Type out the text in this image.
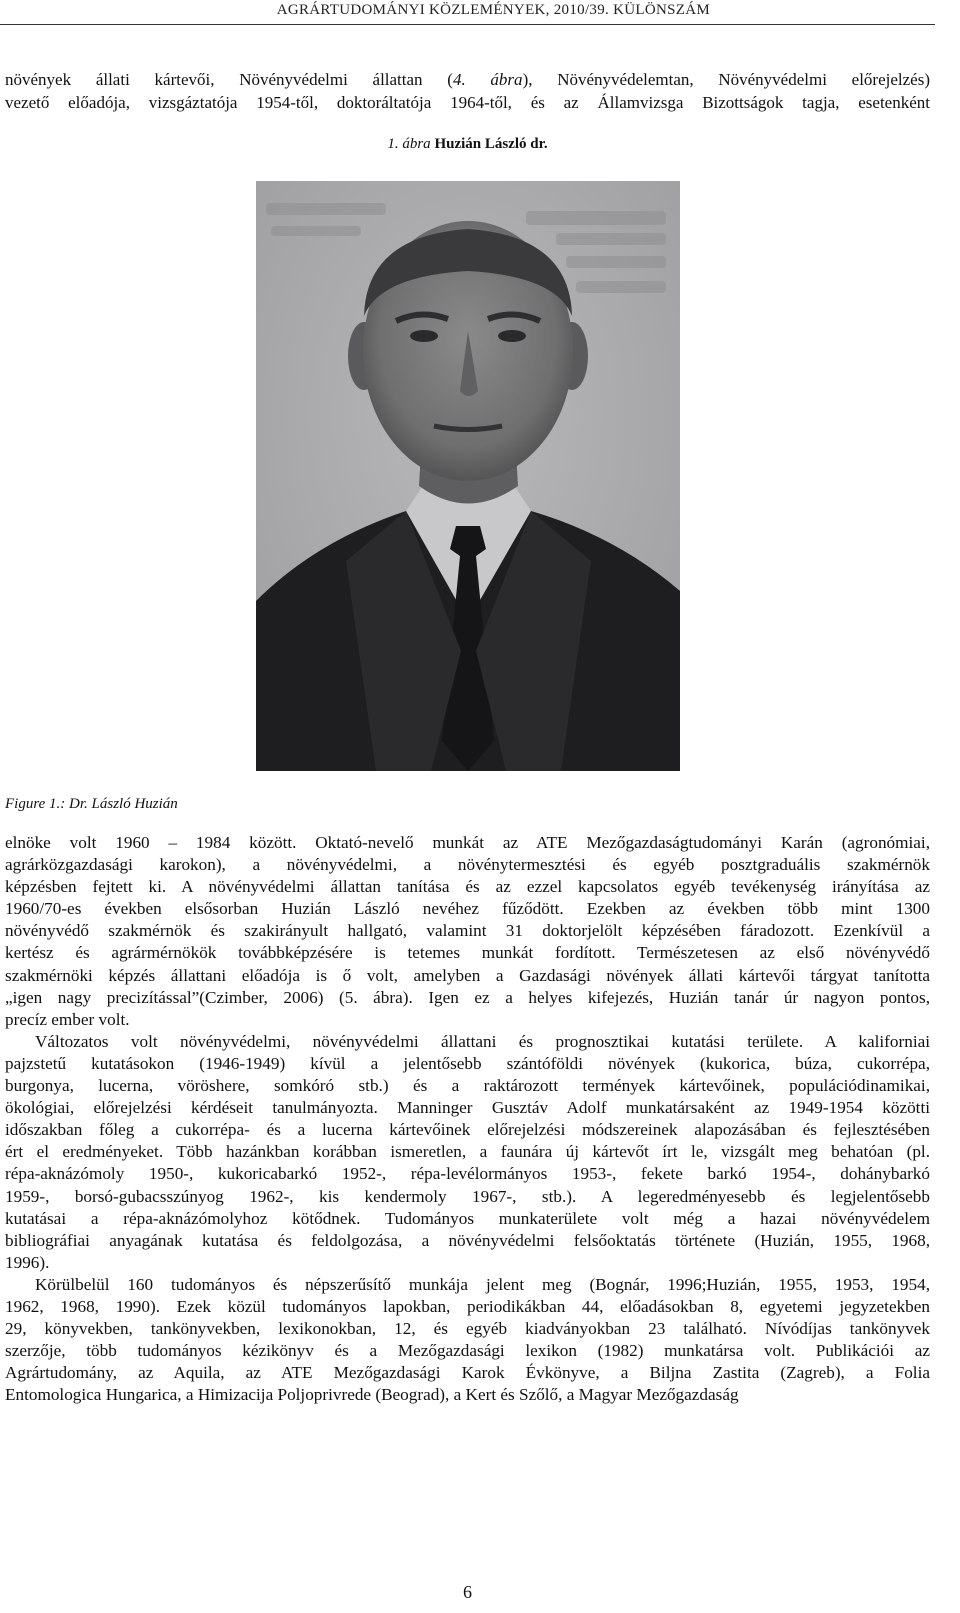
AGRÁRTUDOMÁNYI KÖZLEMÉNYEK, 2010/39. KÜLÖNSZÁM

növények állati kártevői, Növényvédelmi állattan (4. ábra), Növényvédelemtan, Növényvédelmi előrejelzés)
vezető előadója, vizsgáztatója 1954-től, doktoráltatója 1964-től, és az Államvizsga Bizottságok tagja, esetenként

1. ábra Huzián László dr.
Figure 1.: Dr. László Huzián
elnöke volt 1960 – 1984 között. Oktató-nevelő munkát az ATE Mezőgazdaságtudományi Karán (agronómiai,
agrárközgazdasági karokon), a növényvédelmi, a növénytermesztési és egyéb posztgraduális szakmérnök
képzésben fejtett ki. A növényvédelmi állattan tanítása és az ezzel kapcsolatos egyéb tevékenység irányítása az
1960/70-es években elsősorban Huzián László nevéhez fűződött. Ezekben az években több mint 1300
növényvédő szakmérnök és szakirányult hallgató, valamint 31 doktorjelölt képzésében fáradozott. Ezenkívül a
kertész és agrármérnökök továbbképzésére is tetemes munkát fordított. Természetesen az első növényvédő
szakmérnöki képzés állattani előadója is ő volt, amelyben a Gazdasági növények állati kártevői tárgyat tanította
„igen nagy precizítással”(Czimber, 2006) (5. ábra). Igen ez a helyes kifejezés, Huzián tanár úr nagyon pontos,
precíz ember volt.
Változatos volt növényvédelmi, növényvédelmi állattani és prognosztikai kutatási területe. A kaliforniai
pajzstetű kutatásokon (1946-1949) kívül a jelentősebb szántóföldi növények (kukorica, búza, cukorrépa,
burgonya, lucerna, vöröshere, somkóró stb.) és a raktározott termények kártevőinek, populációdinamikai,
ökológiai, előrejelzési kérdéseit tanulmányozta. Manninger Gusztáv Adolf munkatársaként az 1949-1954 közötti
időszakban főleg a cukorrépa- és a lucerna kártevőinek előrejelzési módszereinek alapozásában és fejlesztésében
ért el eredményeket. Több hazánkban korábban ismeretlen, a faunára új kártevőt írt le, vizsgált meg behatóan (pl.
répa-aknázómoly 1950-, kukoricabarkó 1952-, répa-levélormányos 1953-, fekete barkó 1954-, dohánybarkó
1959-, borsó-gubacsszúnyog 1962-, kis kendermoly 1967-, stb.). A legeredményesebb és legjelentősebb
kutatásai a répa-aknázómolyhoz kötődnek. Tudományos munkaterülete volt még a hazai növényvédelem
bibliográfiai anyagának kutatása és feldolgozása, a növényvédelmi felsőoktatás története (Huzián, 1955, 1968,
1996).
Körülbelül 160 tudományos és népszerűsítő munkája jelent meg (Bognár, 1996;Huzián, 1955, 1953, 1954,
1962, 1968, 1990). Ezek közül tudományos lapokban, periodikákban 44, előadásokban 8, egyetemi jegyzetekben
29, könyvekben, tankönyvekben, lexikonokban, 12, és egyéb kiadványokban 23 található. Nívódíjas tankönyvek
szerzője, több tudományos kézikönyv és a Mezőgazdasági lexikon (1982) munkatársa volt. Publikációi az
Agrártudomány, az Aquila, az ATE Mezőgazdasági Karok Évkönyve, a Biljna Zastita (Zagreb), a Folia
Entomologica Hungarica, a Himizacija Poljoprivrede (Beograd), a Kert és Szőlő, a Magyar Mezőgazdaság
6
